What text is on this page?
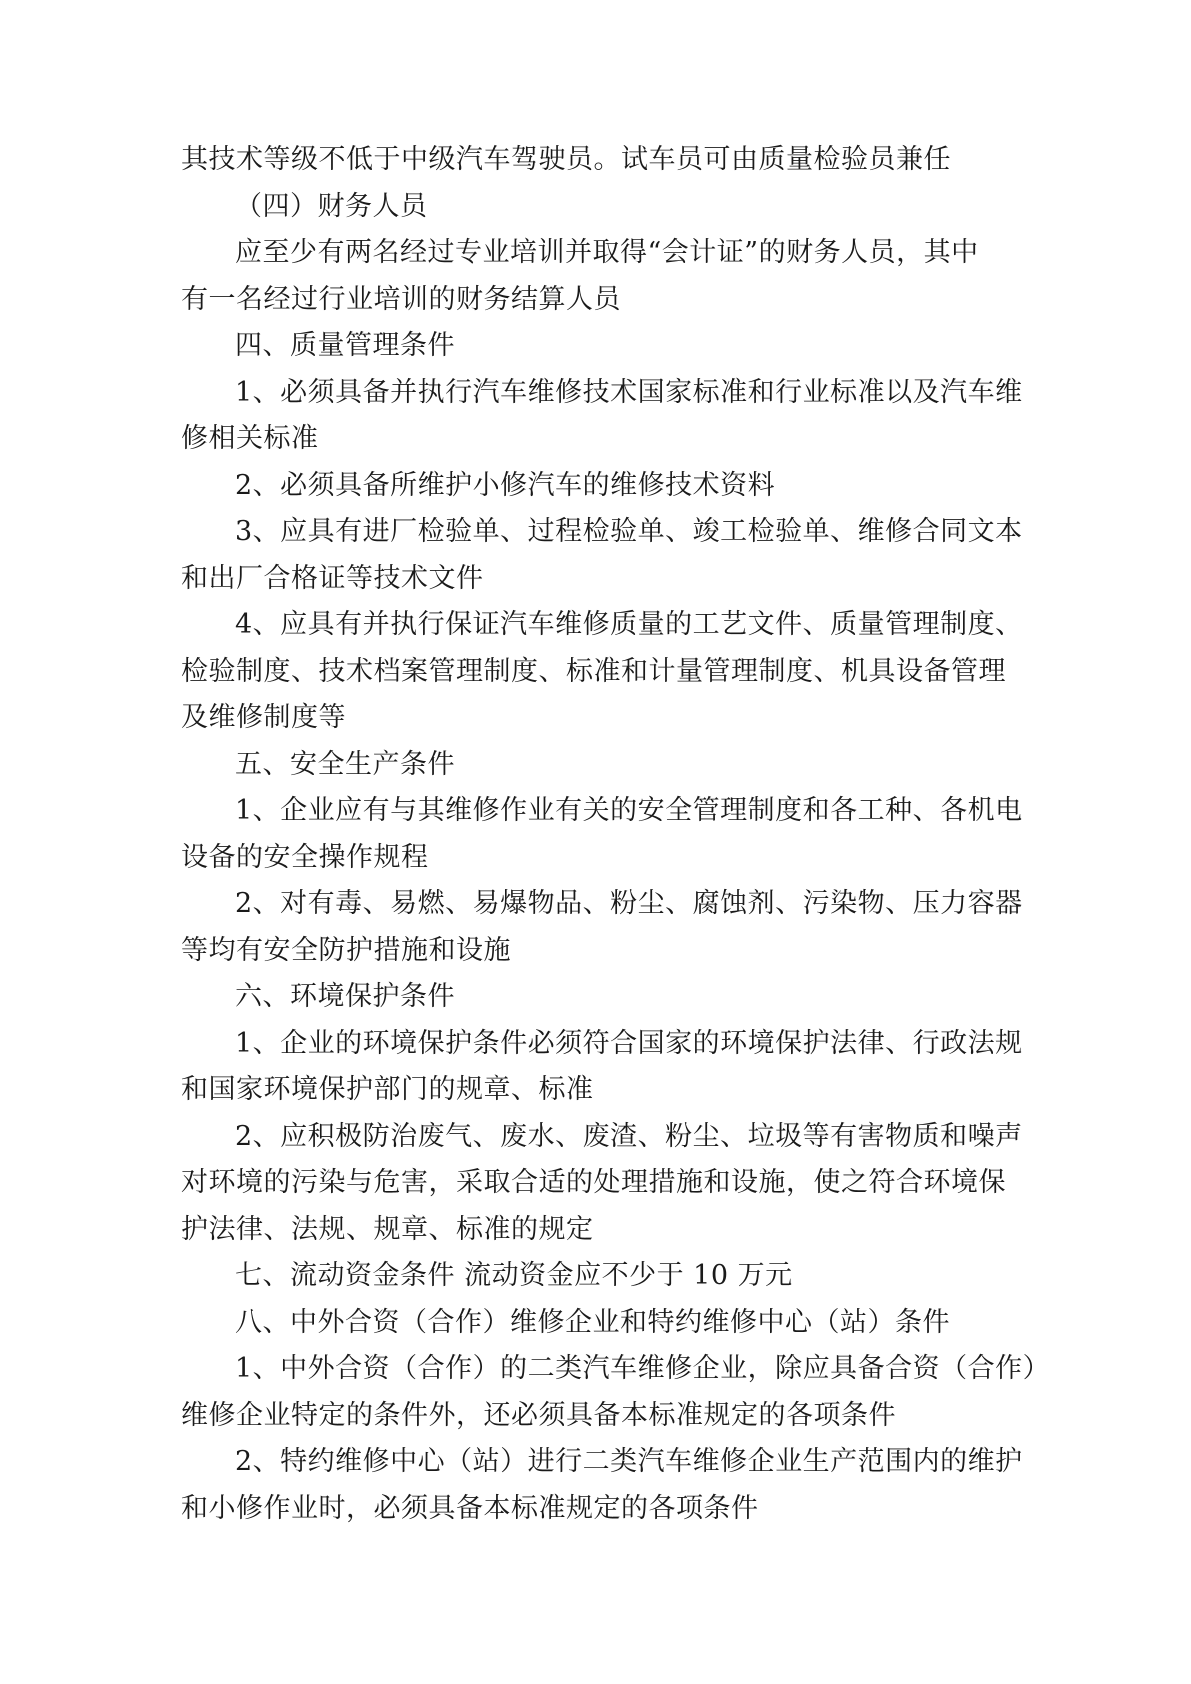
其技术等级不低于中级汽车驾驶员。试车员可由质量检验员兼任

（四）财务人员

应至少有两名经过专业培训并取得“会计证”的财务人员，其中
有一名经过行业培训的财务结算人员

四、质量管理条件

1、必须具备并执行汽车维修技术国家标准和行业标准以及汽车维
修相关标准

2、必须具备所维护小修汽车的维修技术资料

3、应具有进厂检验单、过程检验单、竣工检验单、维修合同文本
和出厂合格证等技术文件

4、应具有并执行保证汽车维修质量的工艺文件、质量管理制度、
检验制度、技术档案管理制度、标准和计量管理制度、机具设备管理
及维修制度等

五、安全生产条件

1、企业应有与其维修作业有关的安全管理制度和各工种、各机电
设备的安全操作规程

2、对有毒、易燃、易爆物品、粉尘、腐蚀剂、污染物、压力容器
等均有安全防护措施和设施

六、环境保护条件

1、企业的环境保护条件必须符合国家的环境保护法律、行政法规
和国家环境保护部门的规章、标准

2、应积极防治废气、废水、废渣、粉尘、垃圾等有害物质和噪声
对环境的污染与危害，采取合适的处理措施和设施，使之符合环境保
护法律、法规、规章、标准的规定

七、流动资金条件 流动资金应不少于 10 万元

八、中外合资（合作）维修企业和特约维修中心（站）条件

1、中外合资（合作）的二类汽车维修企业，除应具备合资（合作）
维修企业特定的条件外，还必须具备本标准规定的各项条件

2、特约维修中心（站）进行二类汽车维修企业生产范围内的维护
和小修作业时，必须具备本标准规定的各项条件
